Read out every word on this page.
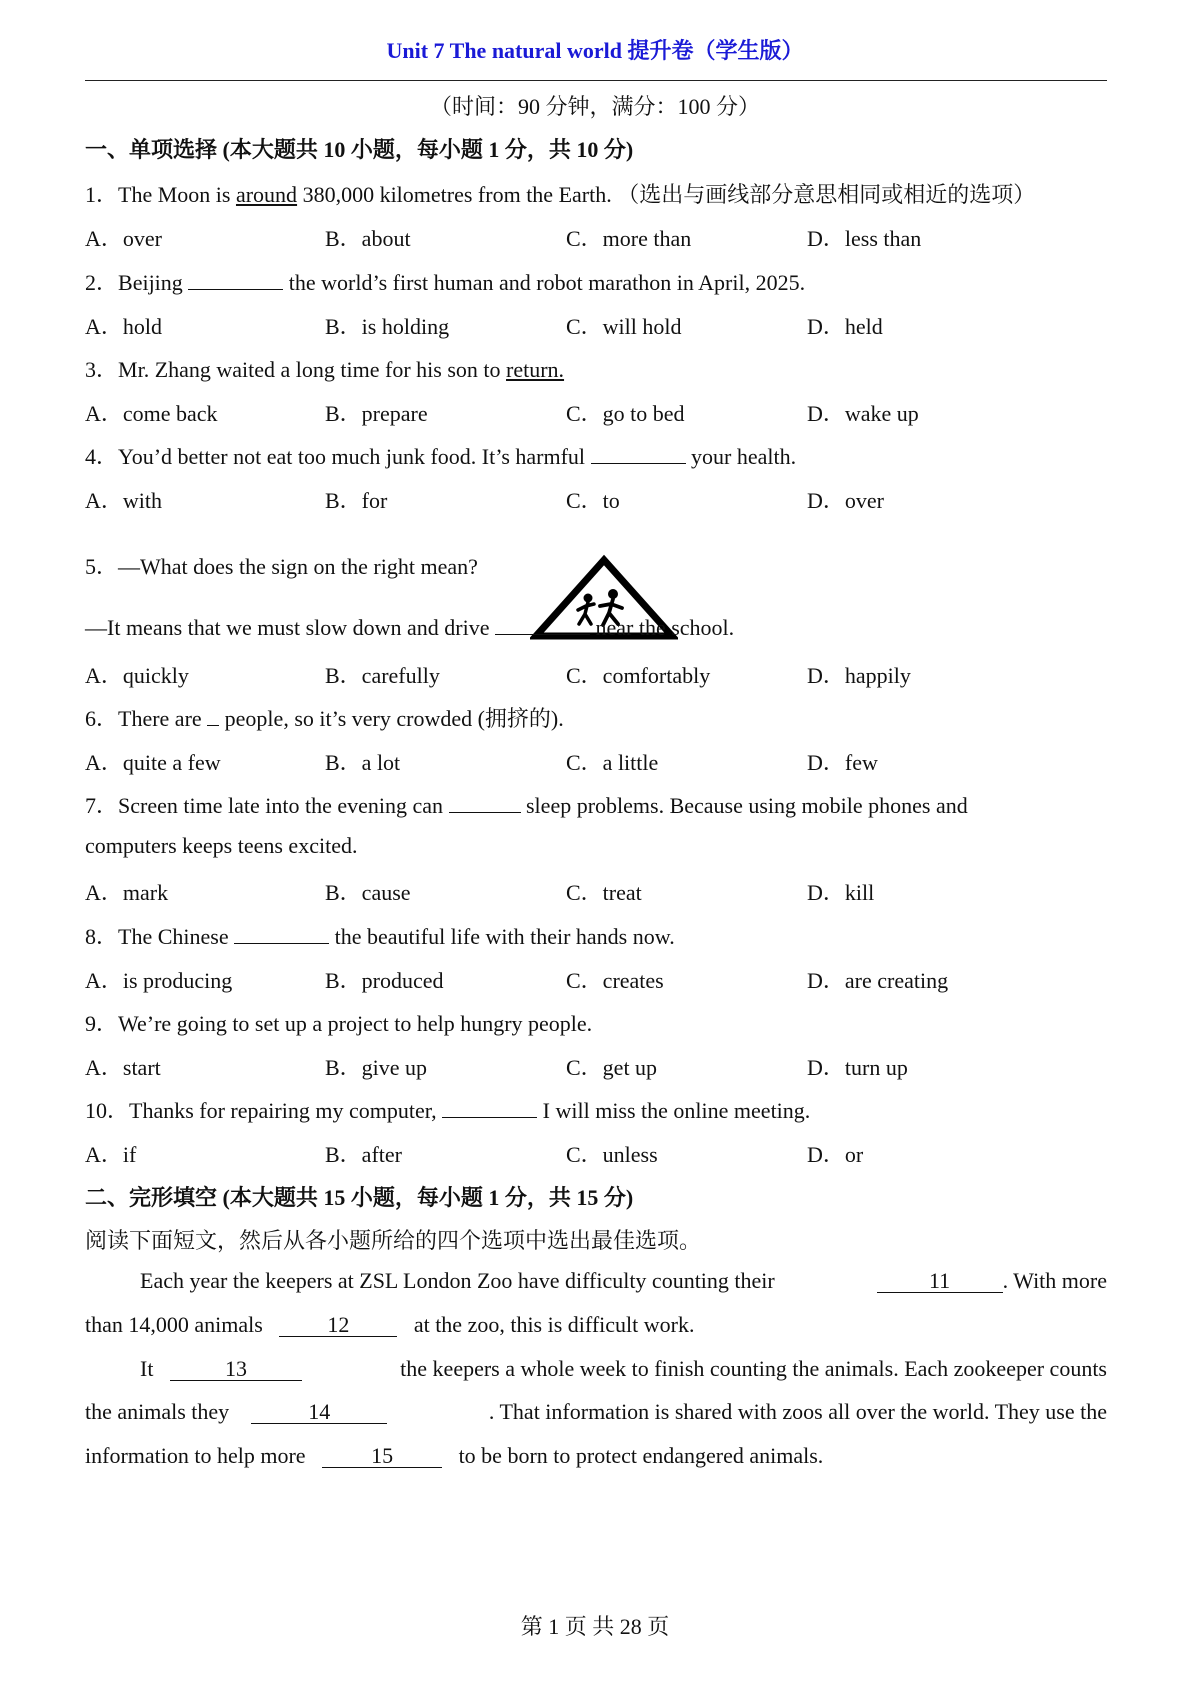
Unit 7 The natural world 提升卷（学生版）
（时间：90 分钟，满分：100 分）
一、单项选择 (本大题共 10 小题，每小题 1 分，共 10 分)
1．The Moon is around 380,000 kilometres from the Earth. （选出与画线部分意思相同或相近的选项）
A．over	B．about	C．more than	D．less than
2．Beijing	the world’s first human and robot marathon in April, 2025.
A．hold	B．is holding	C．will hold	D．held
3．Mr. Zhang waited a long time for his son to return.
A．come back	B．prepare	C．go to bed	D．wake up
4．You’d better not eat too much junk food. It’s harmful	your health.
A．with	B．for	C．to	D．over
5．—What does the sign on the right mean?
—It means that we must slow down and drive	near the school.
A．quickly	B．carefully	C．comfortably	D．happily
6．There are  people, so it’s very crowded (拥挤的).
A．quite a few	B．a lot	C．a little	D．few
7．Screen time late into the evening can	sleep problems. Because using mobile phones and
computers keeps teens excited.
A．mark	B．cause	C．treat	D．kill
8．The Chinese	the beautiful life with their hands now.
A．is producing	B．produced	C．creates	D．are creating
9．We’re going to set up a project to help hungry people.
A．start	B．give up	C．get up	D．turn up
10．Thanks for repairing my computer,	I will miss the online meeting.
A．if	B．after	C．unless	D．or
二、完形填空 (本大题共 15 小题，每小题 1 分，共 15 分)
阅读下面短文，然后从各小题所给的四个选项中选出最佳选项。
Each year the keepers at ZSL London Zoo have difficulty counting their	11 . With more
than 14,000 animals	12	at the zoo, this is difficult work.
It	13	the keepers a whole week to finish counting the animals. Each zookeeper counts
the animals they	14	. That information is shared with zoos all over the world. They use the
information to help more	15	to be born to protect endangered animals.
第 1 页 共 28 页
